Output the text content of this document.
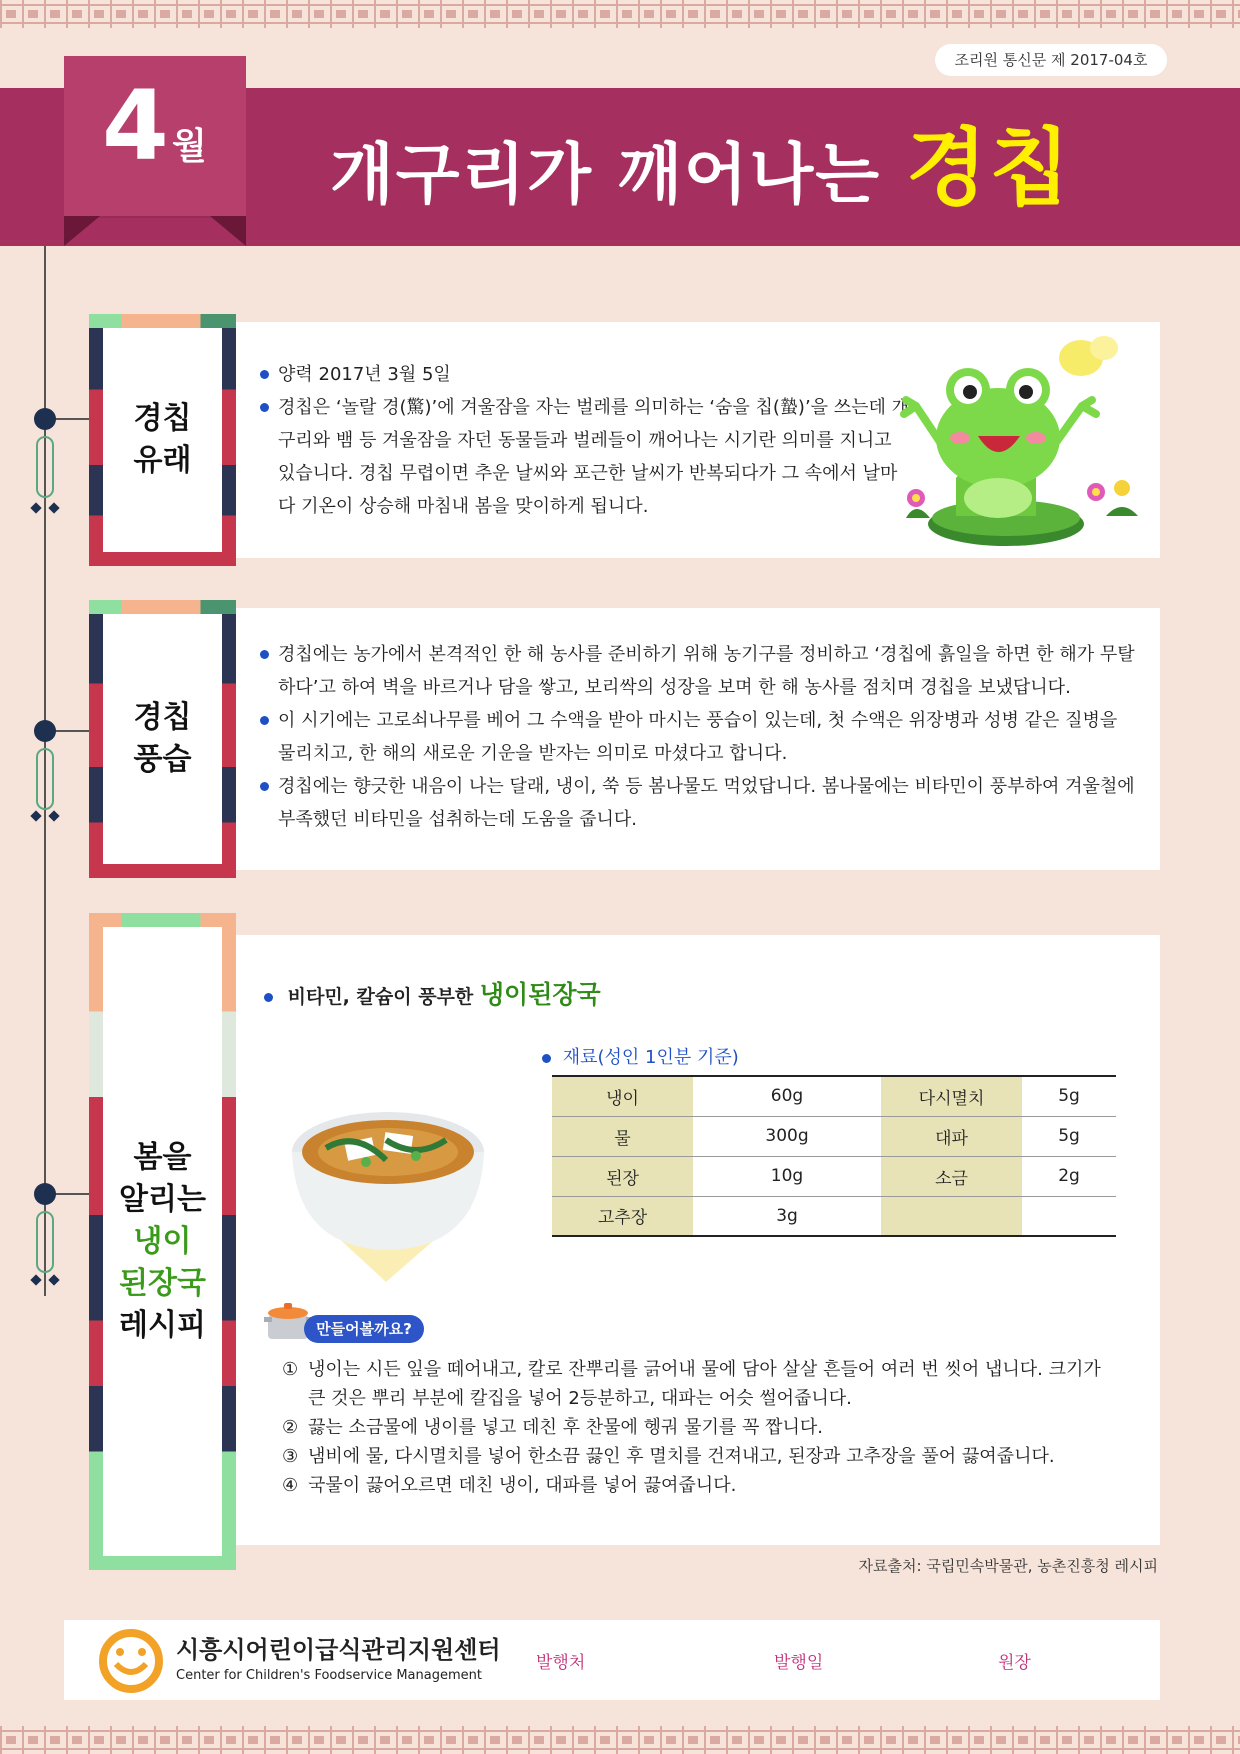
조리원 통신문 제 2017-04호
개구리가 깨어나는 경칩
4 월
경칩
유래
양력 2017년 3월 5일
경칩은 ‘놀랄 경(驚)’에 겨울잠을 자는 벌레를 의미하는 ‘숨을 칩(蟄)’을 쓰는데 개구리와 뱀 등 겨울잠을 자던 동물들과 벌레들이 깨어나는 시기란 의미를 지니고 있습니다. 경칩 무렵이면 추운 날씨와 포근한 날씨가 반복되다가 그 속에서 날마다 기온이 상승해 마침내 봄을 맞이하게 됩니다.
경칩
풍습
경칩에는 농가에서 본격적인 한 해 농사를 준비하기 위해 농기구를 정비하고 ‘경칩에 흙일을 하면 한 해가 무탈하다’고 하여 벽을 바르거나 담을 쌓고, 보리싹의 성장을 보며 한 해 농사를 점치며 경칩을 보냈답니다.
이 시기에는 고로쇠나무를 베어 그 수액을 받아 마시는 풍습이 있는데, 첫 수액은 위장병과 성병 같은 질병을 물리치고, 한 해의 새로운 기운을 받자는 의미로 마셨다고 합니다.
경칩에는 향긋한 내음이 나는 달래, 냉이, 쑥 등 봄나물도 먹었답니다. 봄나물에는 비타민이 풍부하여 겨울철에 부족했던 비타민을 섭취하는데 도움을 줍니다.
봄을
알리는
냉이
된장국
레시피
비타민, 칼슘이 풍부한 냉이된장국
재료(성인 1인분 기준)
냉이	60g	다시멸치	5g
물	300g	대파	5g
된장	10g	소금	2g
고추장	3g		
만들어볼까요?

① 냉이는 시든 잎을 떼어내고, 칼로 잔뿌리를 긁어내 물에 담아 살살 흔들어 여러 번 씻어 냅니다. 크기가 큰 것은 뿌리 부분에 칼집을 넣어 2등분하고, 대파는 어슷 썰어줍니다.

② 끓는 소금물에 냉이를 넣고 데친 후 찬물에 헹궈 물기를 꼭 짭니다.

③ 냄비에 물, 다시멸치를 넣어 한소끔 끓인 후 멸치를 건져내고, 된장과 고추장을 풀어 끓여줍니다.

④ 국물이 끓어오르면 데친 냉이, 대파를 넣어 끓여줍니다.

자료출처: 국립민속박물관, 농촌진흥청 레시피
시흥시어린이급식관리지원센터
Center for Children's Foodservice Management
발행처	발행일	원장
